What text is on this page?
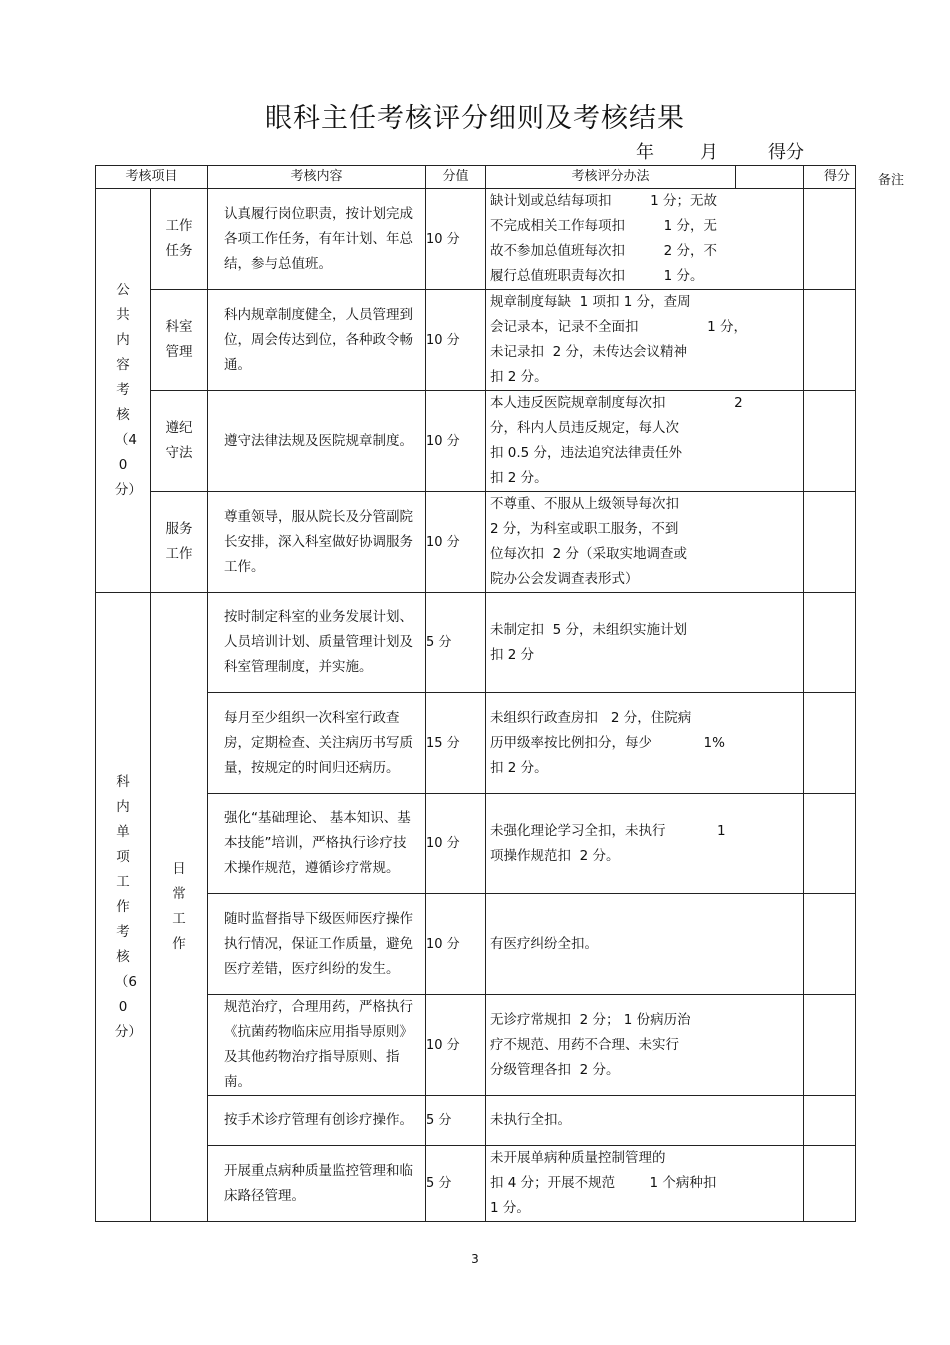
眼科主任考核评分细则及考核结果
年	月	得分
考核项目		考核内容	分值	考核评分办法		得分
公共内容考核（40分）	工作任务	认真履行岗位职责，按计划完成各项工作任务，有年计划、年总结，参与总值班。	10 分	缺计划或总结每项扣         1 分；无故
不完成相关工作每项扣         1 分，无
故不参加总值班每次扣         2 分，不
履行总值班职责每次扣         1 分。		
	科室管理	科内规章制度健全，人员管理到位，周会传达到位，各种政令畅通。	10 分	规章制度每缺  1 项扣 1 分，查周
会记录本，记录不全面扣                1 分，
未记录扣  2 分，未传达会议精神
扣 2 分。		
	遵纪守法	遵守法律法规及医院规章制度。	10 分	本人违反医院规章制度每次扣                2
分，科内人员违反规定，每人次
扣 0.5 分，违法追究法律责任外
扣 2 分。		
	服务工作	尊重领导，服从院长及分管副院长安排，深入科室做好协调服务工作。	10 分	不尊重、不服从上级领导每次扣
2 分，为科室或职工服务，不到
位每次扣  2 分（采取实地调查或
院办公会发调查表形式）		
科内单项工作考核（60分）	日常工作	按时制定科室的业务发展计划、人员培训计划、质量管理计划及科室管理制度，并实施。	5 分	未制定扣  5 分，未组织实施计划
扣 2 分		
		每月至少组织一次科室行政查房，定期检查、关注病历书写质量，按规定的时间归还病历。	15 分	未组织行政查房扣   2 分，住院病
历甲级率按比例扣分，每少            1%
扣 2 分。		
		强化“基础理论、 基本知识、基本技能”培训，严格执行诊疗技术操作规范，遵循诊疗常规。	10 分	未强化理论学习全扣，未执行            1
项操作规范扣  2 分。		
		随时监督指导下级医师医疗操作执行情况，保证工作质量，避免医疗差错，医疗纠纷的发生。	10 分	有医疗纠纷全扣。		
		规范治疗，合理用药，严格执行《抗菌药物临床应用指导原则》及其他药物治疗指导原则、指南。	10 分	无诊疗常规扣  2 分； 1 份病历治
疗不规范、用药不合理、未实行
分级管理各扣  2 分。		
		按手术诊疗管理有创诊疗操作。	5 分	未执行全扣。		
		开展重点病种质量监控管理和临床路径管理。	5 分	未开展单病种质量控制管理的
扣 4 分；开展不规范        1 个病种扣
1 分。		
备注
3
